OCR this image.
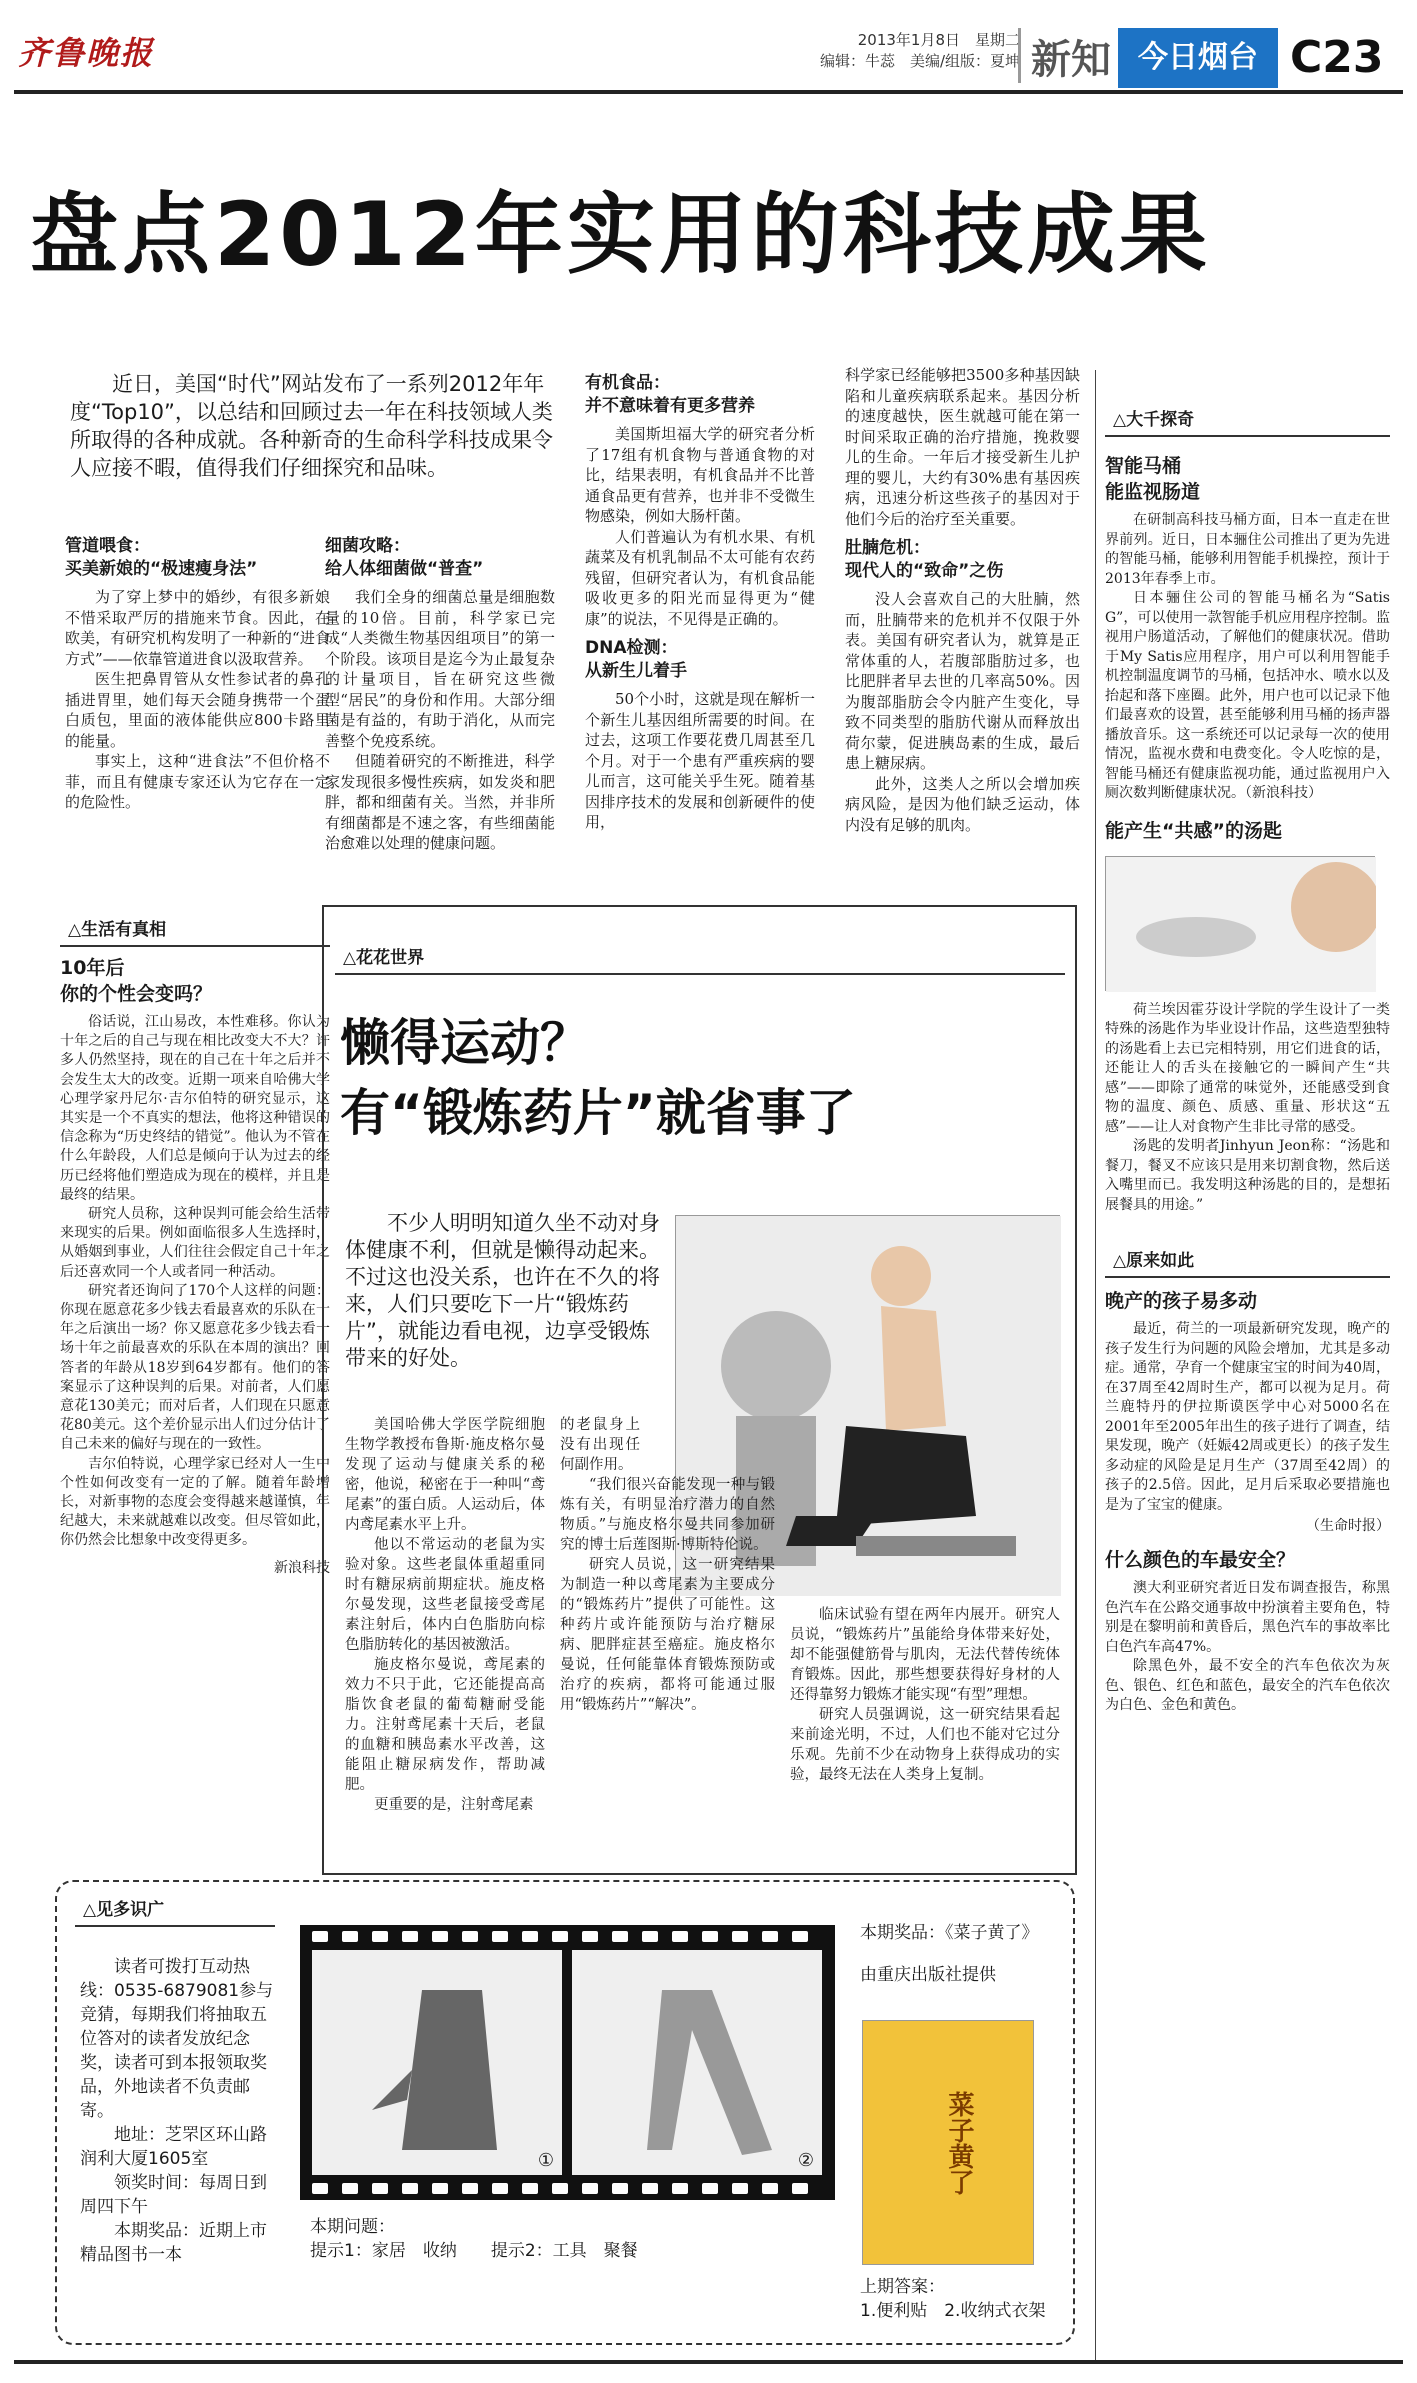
齐鲁晚报	2013年1月8日　星期二
编辑：牛蕊　美编/组版：夏坤 新知 今日烟台 C23
盘点2012年实用的科技成果
近日，美国“时代”网站发布了一系列2012年年度“Top10”，以总结和回顾过去一年在科技领域人类所取得的各种成就。各种新奇的生命科学科技成果令人应接不暇，值得我们仔细探究和品味。
管道喂食：
买美新娘的“极速瘦身法”

为了穿上梦中的婚纱，有很多新娘不惜采取严厉的措施来节食。因此，在欧美，有研究机构发明了一种新的“进食方式”——依靠管道进食以汲取营养。

医生把鼻胃管从女性参试者的鼻孔插进胃里，她们每天会随身携带一个蛋白质包，里面的液体能供应800卡路里的能量。

事实上，这种“进食法”不但价格不菲，而且有健康专家还认为它存在一定的危险性。

细菌攻略：
给人体细菌做“普查”

我们全身的细菌总量是细胞数量的10倍。目前，科学家已完成“人类微生物基因组项目”的第一个阶段。该项目是迄今为止最复杂的计量项目，旨在研究这些微型“居民”的身份和作用。大部分细菌是有益的，有助于消化，从而完善整个免疫系统。

但随着研究的不断推进，科学家发现很多慢性疾病，如发炎和肥胖，都和细菌有关。当然，并非所有细菌都是不速之客，有些细菌能治愈难以处理的健康问题。

有机食品：
并不意味着有更多营养

美国斯坦福大学的研究者分析了17组有机食物与普通食物的对比，结果表明，有机食品并不比普通食品更有营养，也并非不受微生物感染，例如大肠杆菌。

人们普遍认为有机水果、有机蔬菜及有机乳制品不太可能有农药残留，但研究者认为，有机食品能吸收更多的阳光而显得更为“健康”的说法，不见得是正确的。

DNA检测：
从新生儿着手

50个小时，这就是现在解析一个新生儿基因组所需要的时间。在过去，这项工作要花费几周甚至几个月。对于一个患有严重疾病的婴儿而言，这可能关乎生死。随着基因排序技术的发展和创新硬件的使用，

科学家已经能够把3500多种基因缺陷和儿童疾病联系起来。基因分析的速度越快，医生就越可能在第一时间采取正确的治疗措施，挽救婴儿的生命。一年后才接受新生儿护理的婴儿，大约有30%患有基因疾病，迅速分析这些孩子的基因对于他们今后的治疗至关重要。

肚腩危机：
现代人的“致命”之伤

没人会喜欢自己的大肚腩，然而，肚腩带来的危机并不仅限于外表。美国有研究者认为，就算是正常体重的人，若腹部脂肪过多，也比肥胖者早去世的几率高50%。因为腹部脂肪会令内脏产生变化，导致不同类型的脂肪代谢从而释放出荷尔蒙，促进胰岛素的生成，最后患上糖尿病。

此外，这类人之所以会增加疾病风险，是因为他们缺乏运动，体内没有足够的肌肉。

△生活有真相
10年后
你的个性会变吗？

俗话说，江山易改，本性难移。你认为十年之后的自己与现在相比改变大不大？许多人仍然坚持，现在的自己在十年之后并不会发生太大的改变。近期一项来自哈佛大学心理学家丹尼尔·吉尔伯特的研究显示，这其实是一个不真实的想法，他将这种错误的信念称为“历史终结的错觉”。他认为不管在什么年龄段，人们总是倾向于认为过去的经历已经将他们塑造成为现在的模样，并且是最终的结果。

研究人员称，这种误判可能会给生活带来现实的后果。例如面临很多人生选择时，从婚姻到事业，人们往往会假定自己十年之后还喜欢同一个人或者同一种活动。

研究者还询问了170个人这样的问题：你现在愿意花多少钱去看最喜欢的乐队在十年之后演出一场？你又愿意花多少钱去看一场十年之前最喜欢的乐队在本周的演出？回答者的年龄从18岁到64岁都有。他们的答案显示了这种误判的后果。对前者，人们愿意花130美元；而对后者，人们现在只愿意花80美元。这个差价显示出人们过分估计了自己未来的偏好与现在的一致性。

吉尔伯特说，心理学家已经对人一生中个性如何改变有一定的了解。随着年龄增长，对新事物的态度会变得越来越谨慎，年纪越大，未来就越难以改变。但尽管如此，你仍然会比想象中改变得更多。

新浪科技
△花花世界
懒得运动？
有“锻炼药片”就省事了
不少人明明知道久坐不动对身体健康不利，但就是懒得动起来。不过这也没关系，也许在不久的将来，人们只要吃下一片“锻炼药片”，就能边看电视，边享受锻炼带来的好处。

美国哈佛大学医学院细胞生物学教授布鲁斯·施皮格尔曼发现了运动与健康关系的秘密，他说，秘密在于一种叫“鸢尾素”的蛋白质。人运动后，体内鸢尾素水平上升。

他以不常运动的老鼠为实验对象。这些老鼠体重超重同时有糖尿病前期症状。施皮格尔曼发现，这些老鼠接受鸢尾素注射后，体内白色脂肪向棕色脂肪转化的基因被激活。

施皮格尔曼说，鸢尾素的效力不只于此，它还能提高高脂饮食老鼠的葡萄糖耐受能力。注射鸢尾素十天后，老鼠的血糖和胰岛素水平改善，这能阻止糖尿病发作，帮助减肥。

更重要的是，注射鸢尾素

的老鼠身上没有出现任何副作用。

“我们很兴奋能发现一种与锻炼有关，有明显治疗潜力的自然物质。”与施皮格尔曼共同参加研究的博士后莲图斯·博斯特伦说。

研究人员说，这一研究结果为制造一种以鸢尾素为主要成分的“锻炼药片”提供了可能性。这种药片或许能预防与治疗糖尿病、肥胖症甚至癌症。施皮格尔曼说，任何能靠体育锻炼预防或治疗的疾病，都将可能通过服用“锻炼药片”“解决”。

临床试验有望在两年内展开。研究人员说，“锻炼药片”虽能给身体带来好处，却不能强健筋骨与肌肉，无法代替传统体育锻炼。因此，那些想要获得好身材的人还得靠努力锻炼才能实现“有型”理想。

研究人员强调说，这一研究结果看起来前途光明，不过，人们也不能对它过分乐观。先前不少在动物身上获得成功的实验，最终无法在人类身上复制。

△大千探奇
智能马桶
能监视肠道

在研制高科技马桶方面，日本一直走在世界前列。近日，日本骊住公司推出了更为先进的智能马桶，能够利用智能手机操控，预计于2013年春季上市。

日本骊住公司的智能马桶名为“Satis G”，可以使用一款智能手机应用程序控制。监视用户肠道活动，了解他们的健康状况。借助于My Satis应用程序，用户可以利用智能手机控制温度调节的马桶，包括冲水、喷水以及抬起和落下座圈。此外，用户也可以记录下他们最喜欢的设置，甚至能够利用马桶的扬声器播放音乐。这一系统还可以记录每一次的使用情况，监视水费和电费变化。令人吃惊的是，智能马桶还有健康监视功能，通过监视用户入厕次数判断健康状况。（新浪科技）

能产生“共感”的汤匙

荷兰埃因霍芬设计学院的学生设计了一类特殊的汤匙作为毕业设计作品，这些造型独特的汤匙看上去已完相特别，用它们进食的话，还能让人的舌头在接触它的一瞬间产生“共感”——即除了通常的味觉外，还能感受到食物的温度、颜色、质感、重量、形状这“五感”——让人对食物产生非比寻常的感受。

汤匙的发明者Jinhyun Jeon称：“汤匙和餐刀，餐叉不应该只是用来切割食物，然后送入嘴里而已。我发明这种汤匙的目的，是想拓展餐具的用途。”

△原来如此
晚产的孩子易多动

最近，荷兰的一项最新研究发现，晚产的孩子发生行为问题的风险会增加，尤其是多动症。通常，孕育一个健康宝宝的时间为40周，在37周至42周时生产，都可以视为足月。荷兰鹿特丹的伊拉斯谟医学中心对5000名在2001年至2005年出生的孩子进行了调查，结果发现，晚产（妊娠42周或更长）的孩子发生多动症的风险是足月生产（37周至42周）的孩子的2.5倍。因此，足月后采取必要措施也是为了宝宝的健康。

（生命时报）
什么颜色的车最安全？

澳大利亚研究者近日发布调查报告，称黑色汽车在公路交通事故中扮演着主要角色，特别是在黎明前和黄昏后，黑色汽车的事故率比白色汽车高47%。

除黑色外，最不安全的汽车色依次为灰色、银色、红色和蓝色，最安全的汽车色依次为白色、金色和黄色。

△见多识广

读者可拨打互动热线：0535-6879081参与竞猜，每期我们将抽取五位答对的读者发放纪念奖，读者可到本报领取奖品，外地读者不负责邮寄。

地址：芝罘区环山路润利大厦1605室

领奖时间：每周日到周四下午

本期奖品：近期上市精品图书一本

①	②
本期问题：
提示1：家居　收纳　　提示2：工具　聚餐
本期奖品：《菜子黄了》
由重庆出版社提供
菜子黄了
上期答案：
1.便利贴　2.收纳式衣架
